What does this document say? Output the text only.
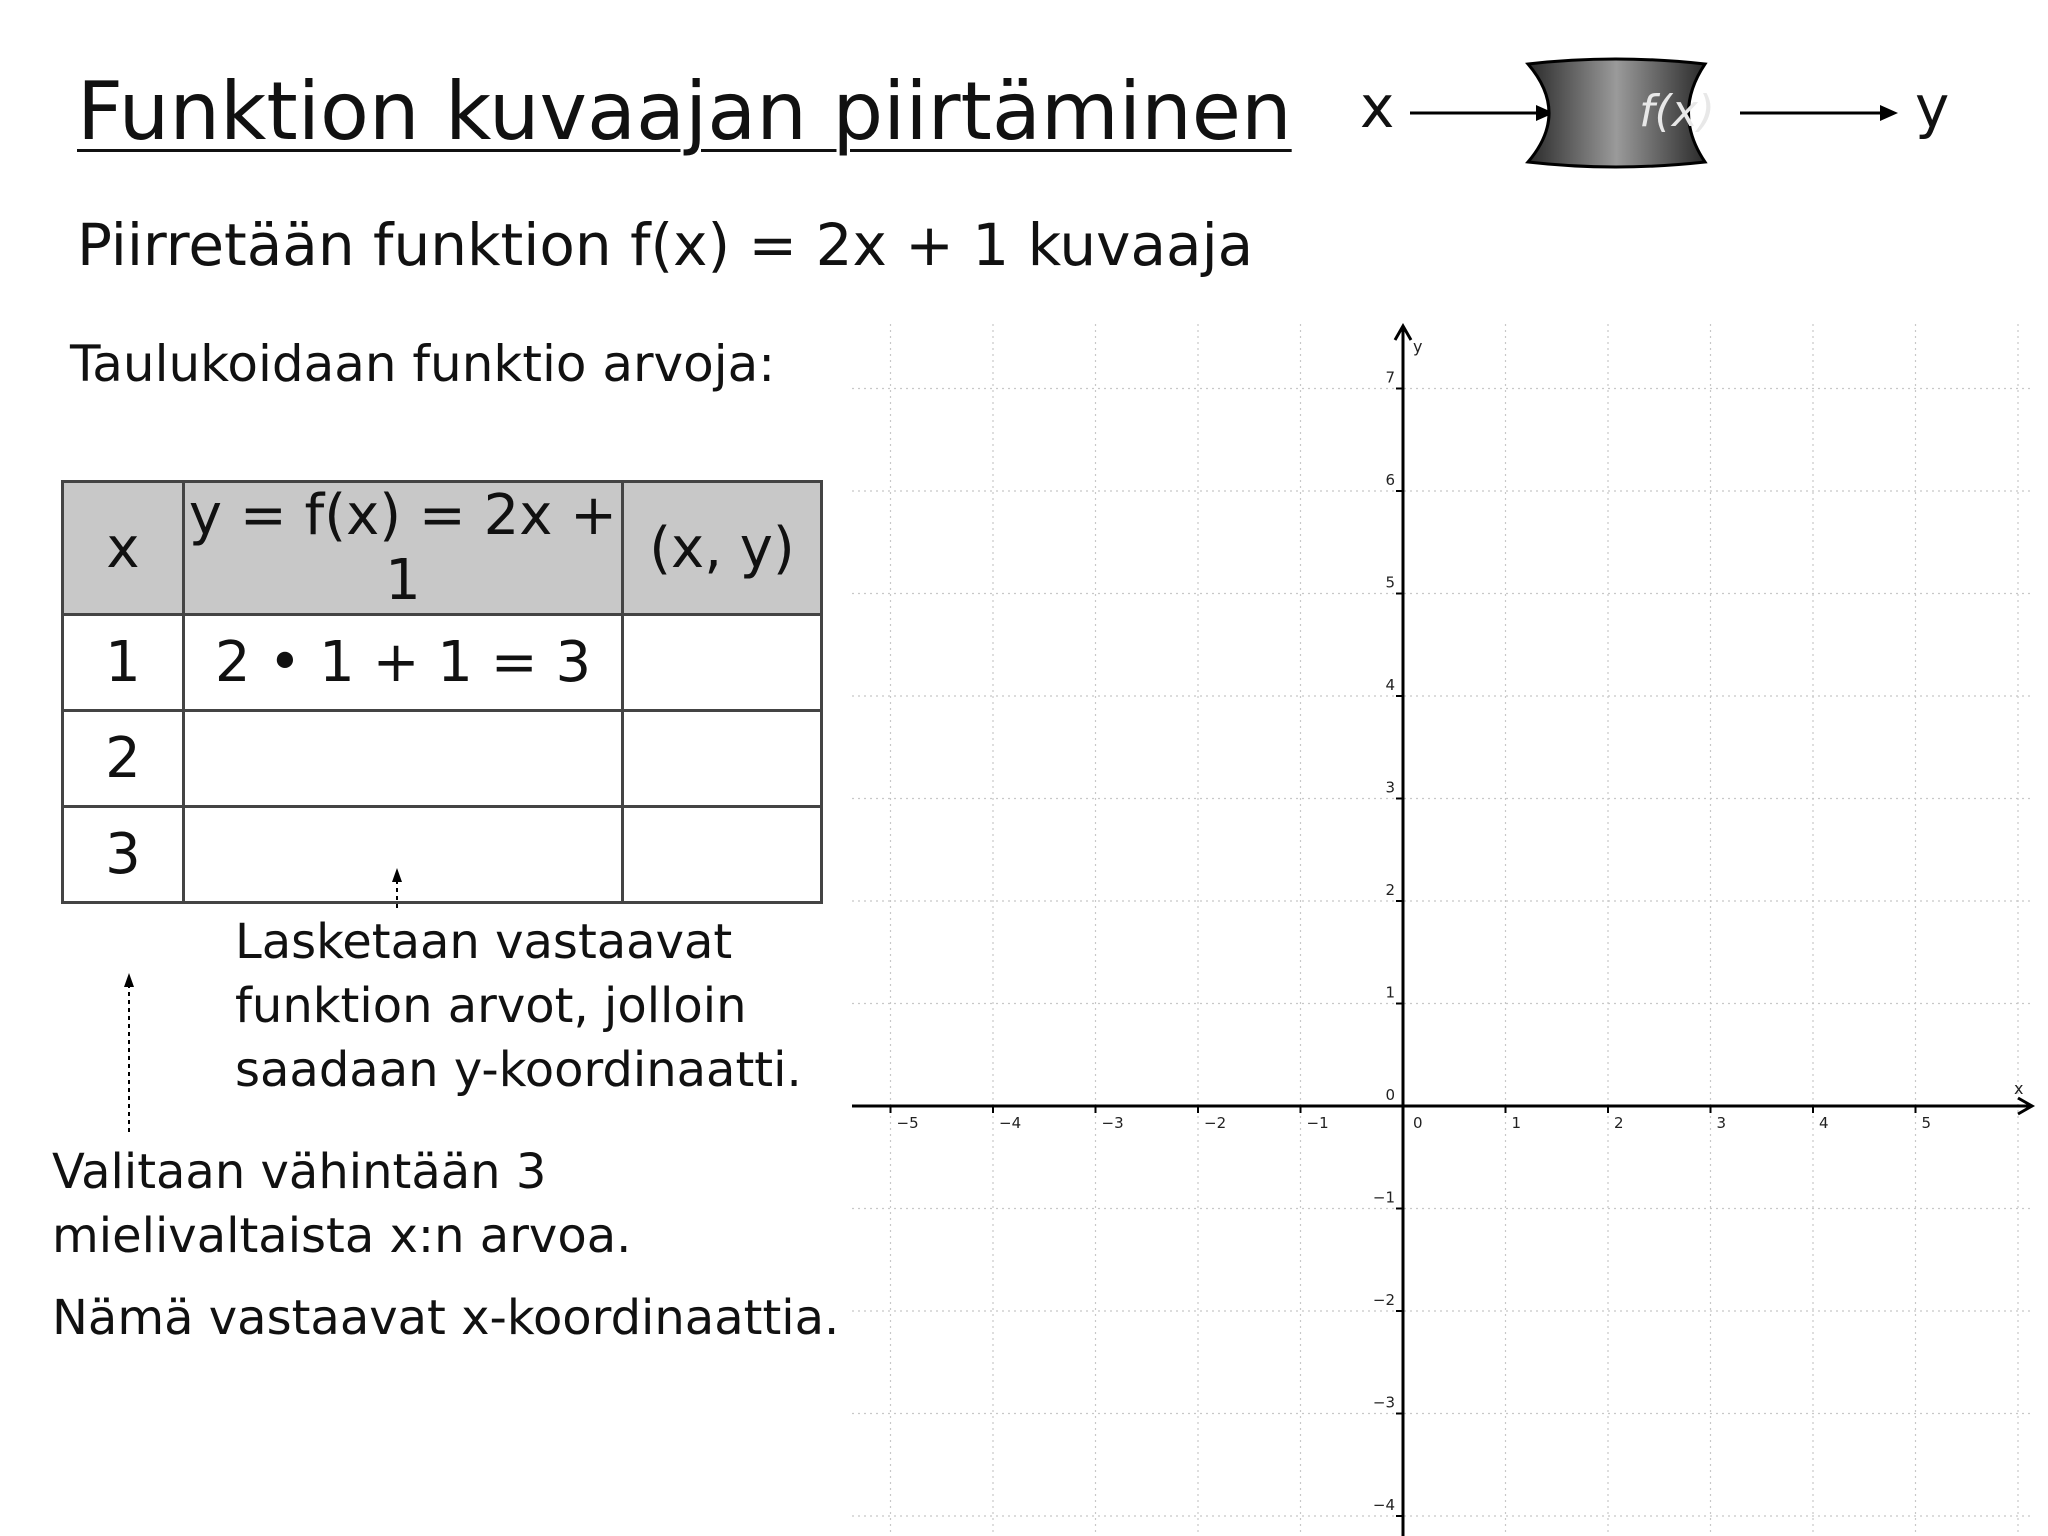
Funktion kuvaajan piirtäminen x	f(x)	y
Piirretään funktion f(x) = 2x + 1 kuvaaja
Taulukoidaan funktio arvoja:
x	y = f(x) = 2x + 1	(x, y)
1	2 • 1 + 1 = 3	
2		
3		
Lasketaan vastaavat funktion arvot, jolloin saadaan y-koordinaatti.
Valitaan vähintään 3 mielivaltaista x:n arvoa.
Nämä vastaavat x-koordinaattia.
x
y
−5	−4	−3	−2	−1	0	1	2	3	4	5
7
6
5
4
3
2
1
0
−1
−2
−3
−4
